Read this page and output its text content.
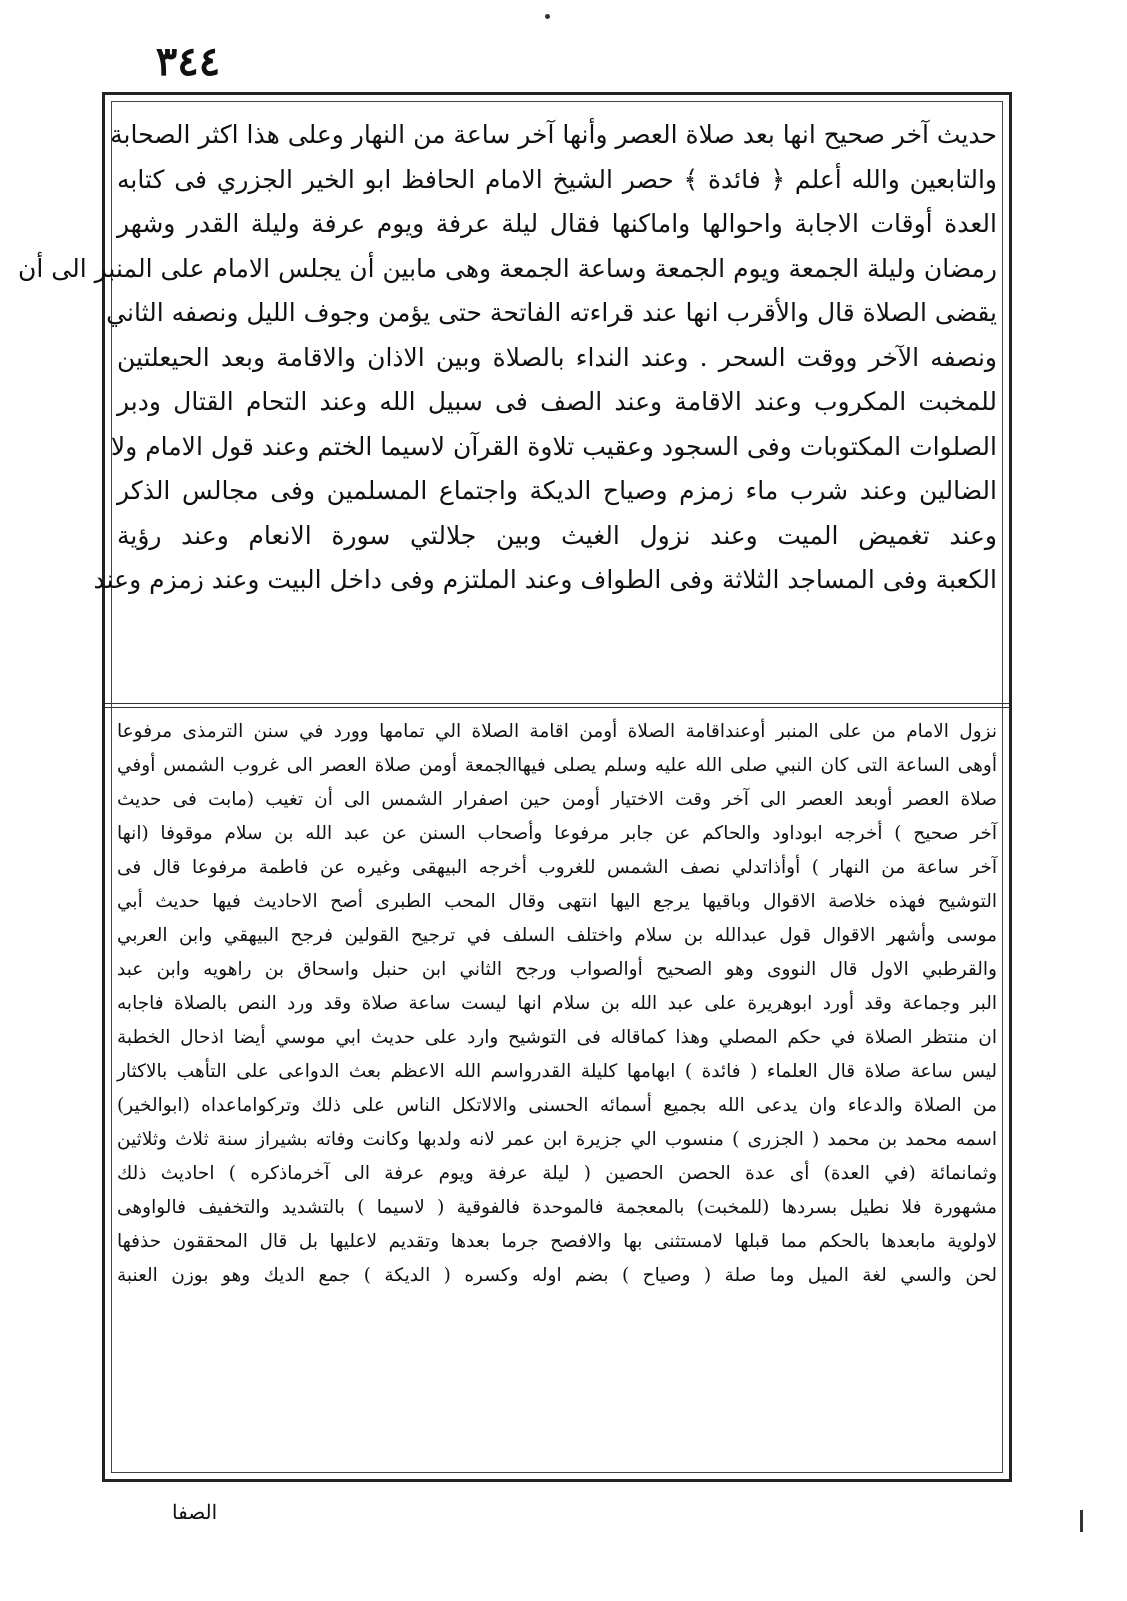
٣٤٤
حديث آخر صحيح انها بعد صلاة العصر وأنها آخر ساعة من النهار وعلى هذا اكثر الصحابة
والتابعين والله أعلم ﴿ فائدة ﴾ حصر الشيخ الامام الحافظ ابو الخير الجزري فى كتابه
العدة أوقات الاجابة واحوالها واماكنها فقال ليلة عرفة ويوم عرفة وليلة القدر وشهر
رمضان وليلة الجمعة ويوم الجمعة وساعة الجمعة وهى مابين أن يجلس الامام على المنبر الى أن
يقضى الصلاة قال والأقرب انها عند قراءته الفاتحة حتى يؤمن وجوف الليل ونصفه الثاني
ونصفه الآخر ووقت السحر . وعند النداء بالصلاة وبين الاذان والاقامة وبعد الحيعلتين
للمخبت المكروب وعند الاقامة وعند الصف فى سبيل الله وعند التحام القتال ودبر
الصلوات المكتوبات وفى السجود وعقيب تلاوة القرآن لاسيما الختم وعند قول الامام ولا
الضالين وعند شرب ماء زمزم وصياح الديكة واجتماع المسلمين وفى مجالس الذكر
وعند تغميض الميت وعند نزول الغيث وبين جلالتي سورة الانعام وعند رؤية
الكعبة وفى المساجد الثلاثة وفى الطواف وعند الملتزم وفى داخل البيت وعند زمزم وعند
نزول الامام من على المنبر أوعنداقامة الصلاة أومن اقامة الصلاة الي تمامها وورد في سنن الترمذى مرفوعا
أوهى الساعة التى كان النبي صلى الله عليه وسلم يصلى فيهاالجمعة أومن صلاة العصر الى غروب الشمس أوفي
صلاة العصر أوبعد العصر الى آخر وقت الاختيار أومن حين اصفرار الشمس الى أن تغيب (مابت فى حديث
آخر صحيح ) أخرجه ابوداود والحاكم عن جابر مرفوعا وأصحاب السنن عن عبد الله بن سلام موقوفا (انها
آخر ساعة من النهار ) أوأذاتدلي نصف الشمس للغروب أخرجه البيهقى وغيره عن فاطمة مرفوعا قال فى
التوشيح فهذه خلاصة الاقوال وباقيها يرجع اليها انتهى وقال المحب الطبرى أصح الاحاديث فيها حديث أبي
موسى وأشهر الاقوال قول عبدالله بن سلام واختلف السلف في ترجيح القولين فرجح البيهقي وابن العربي
والقرطبي الاول قال النووى وهو الصحيح أوالصواب ورجح الثاني ابن حنبل واسحاق بن راهويه وابن عبد
البر وجماعة وقد أورد ابوهريرة على عبد الله بن سلام انها ليست ساعة صلاة وقد ورد النص بالصلاة فاجابه
ان منتظر الصلاة في حكم المصلي وهذا كماقاله فى التوشيح وارد على حديث ابي موسي أيضا اذحال الخطبة
ليس ساعة صلاة قال العلماء ( فائدة ) ابهامها كليلة القدرواسم الله الاعظم بعث الدواعى على التأهب بالاكثار
من الصلاة والدعاء وان يدعى الله بجميع أسمائه الحسنى والالاتكل الناس على ذلك وتركواماعداه (ابوالخير)
اسمه محمد بن محمد ( الجزرى ) منسوب الي جزيرة ابن عمر لانه ولدبها وكانت وفاته بشيراز سنة ثلاث وثلاثين
وثمانمائة (في العدة) أى عدة الحصن الحصين ( ليلة عرفة ويوم عرفة الى آخرماذكره ) احاديث ذلك
مشهورة فلا نطيل بسردها (للمخبت) بالمعجمة فالموحدة فالفوقية ( لاسيما ) بالتشديد والتخفيف فالواوهى
لاولوية مابعدها بالحكم مما قبلها لامستثنى بها والافصح جرما بعدها وتقديم لاعليها بل قال المحققون حذفها
لحن والسي لغة الميل وما صلة ( وصياح ) بضم اوله وكسره ( الديكة ) جمع الديك وهو بوزن العنبة
الصفا
